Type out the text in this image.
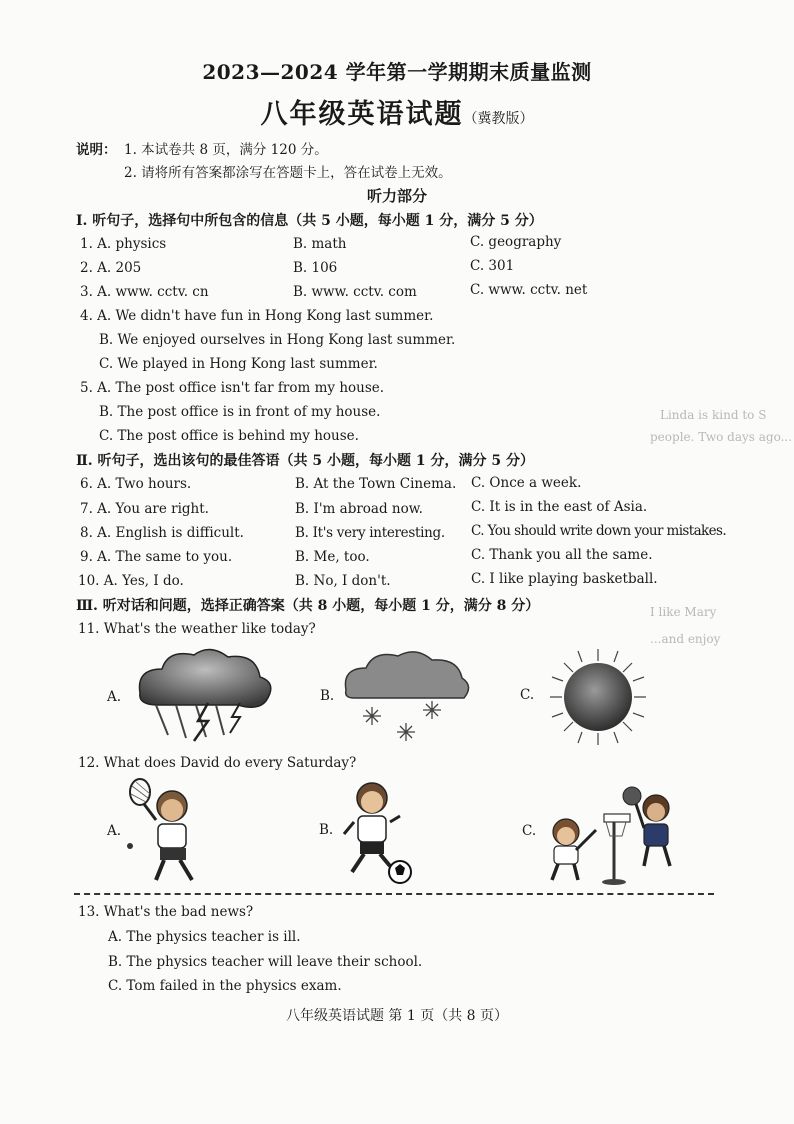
2023—2024 学年第一学期期末质量监测
八年级英语试题（冀教版）
说明： 1. 本试卷共 8 页，满分 120 分。
2. 请将所有答案都涂写在答题卡上，答在试卷上无效。
听力部分
Ⅰ. 听句子，选择句中所包含的信息（共 5 小题，每小题 1 分，满分 5 分）
1. A. physics	B. math	C. geography
2. A. 205	B. 106	C. 301
3. A. www. cctv. cn	B. www. cctv. com	C. www. cctv. net
4. A. We didn't have fun in Hong Kong last summer.
B. We enjoyed ourselves in Hong Kong last summer.
C. We played in Hong Kong last summer.
5. A. The post office isn't far from my house.
B. The post office is in front of my house.
C. The post office is behind my house.
Ⅱ. 听句子，选出该句的最佳答语（共 5 小题，每小题 1 分，满分 5 分）
6. A. Two hours.	B. At the Town Cinema. C. Once a week.
7. A. You are right.	B. I'm abroad now.	C. It is in the east of Asia.
8. A. English is difficult.	B. It's very interesting. C. You should write down your mistakes.
9. A. The same to you.	B. Me, too.	C. Thank you all the same.
10. A. Yes, I do.	B. No, I don't.	C. I like playing basketball.
Ⅲ. 听对话和问题，选择正确答案（共 8 小题，每小题 1 分，满分 8 分）
11. What's the weather like today?
A.	B.	C.
12. What does David do every Saturday?
A.	B.	C.
13. What's the bad news?
A. The physics teacher is ill.
B. The physics teacher will leave their school.
C. Tom failed in the physics exam.
八年级英语试题 第 1 页（共 8 页）
Linda is kind to S
people. Two days ago...
I like Mary
...and enjoy
